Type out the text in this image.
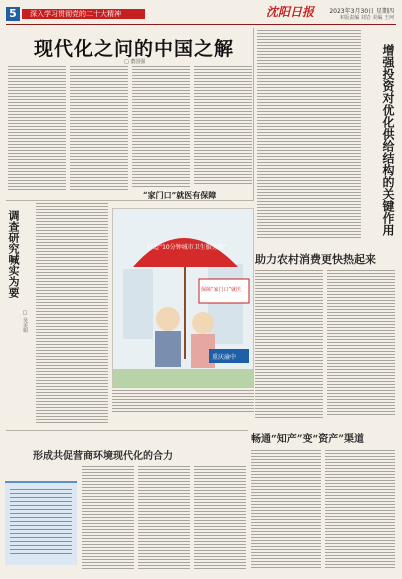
5	深入学习贯彻党的二十大精神	沈阳日报	2023年3月30日 星期四
本版责编 刘岩 美编 王珂
现代化之问的中国之解
□ 董国强	增强投资对优化供给结构的关键作用
调查研究喊实为要
□ 吴美娟
“家门口”就医有保障
打造“10分钟城市卫生服务圈”
保障“家门口”就医
重庆渝中
助力农村消费更快热起来
形成共促营商环境现代化的合力
畅通“知产”变“资产”渠道
